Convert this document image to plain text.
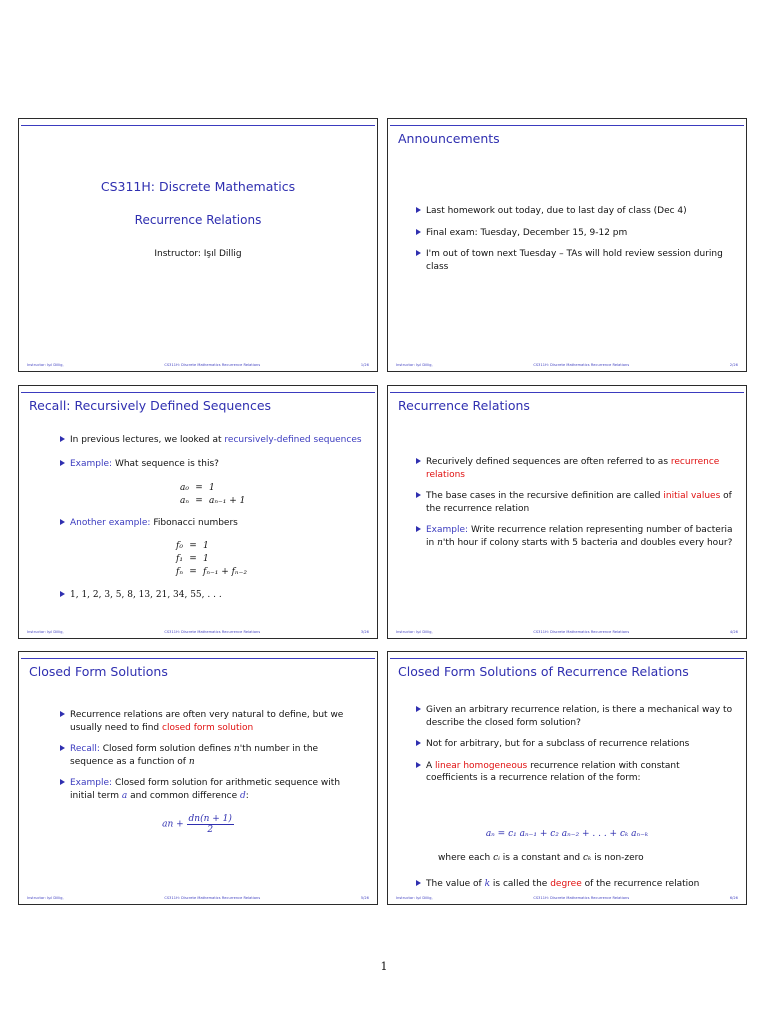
CS311H: Discrete Mathematics
Recurrence Relations
Instructor: Işıl Dillig
Instructor: Işıl Dillig,	CS311H: Discrete Mathematics Recurrence Relations	1/26
Announcements
Last homework out today, due to last day of class (Dec 4)
Final exam: Tuesday, December 15, 9-12 pm
I'm out of town next Tuesday – TAs will hold review session during class
Instructor: Işıl Dillig,	CS311H: Discrete Mathematics Recurrence Relations	2/26
Recall: Recursively Defined Sequences
In previous lectures, we looked at recursively-defined sequences
Example: What sequence is this?
a₀ = 1
aₙ = aₙ₋₁ + 1
Another example: Fibonacci numbers
f₀ = 1
f₁ = 1
fₙ = fₙ₋₁ + fₙ₋₂
1, 1, 2, 3, 5, 8, 13, 21, 34, 55, . . .
Instructor: Işıl Dillig,	CS311H: Discrete Mathematics Recurrence Relations	3/26
Recurrence Relations
Recurively defined sequences are often referred to as recurrence relations
The base cases in the recursive definition are called initial values of the recurrence relation
Example: Write recurrence relation representing number of bacteria in n'th hour if colony starts with 5 bacteria and doubles every hour?
Instructor: Işıl Dillig,	CS311H: Discrete Mathematics Recurrence Relations	4/26
Closed Form Solutions
Recurrence relations are often very natural to define, but we usually need to find closed form solution
Recall: Closed form solution defines n'th number in the sequence as a function of n
Example: Closed form solution for arithmetic sequence with initial term a and common difference d:
an + $\frac{dn(n + 1)}{2}$
Instructor: Işıl Dillig,	CS311H: Discrete Mathematics Recurrence Relations	5/26
Closed Form Solutions of Recurrence Relations
Given an arbitrary recurrence relation, is there a mechanical way to describe the closed form solution?
Not for arbitrary, but for a subclass of recurrence relations
A linear homogeneous recurrence relation with constant coefficients is a recurrence relation of the form:
aₙ = c₁ aₙ₋₁ + c₂ aₙ₋₂ + . . . + cₖ aₙ₋ₖ
where each cᵢ is a constant and cₖ is non-zero
The value of k is called the degree of the recurrence relation
Instructor: Işıl Dillig,	CS311H: Discrete Mathematics Recurrence Relations	6/26
1
